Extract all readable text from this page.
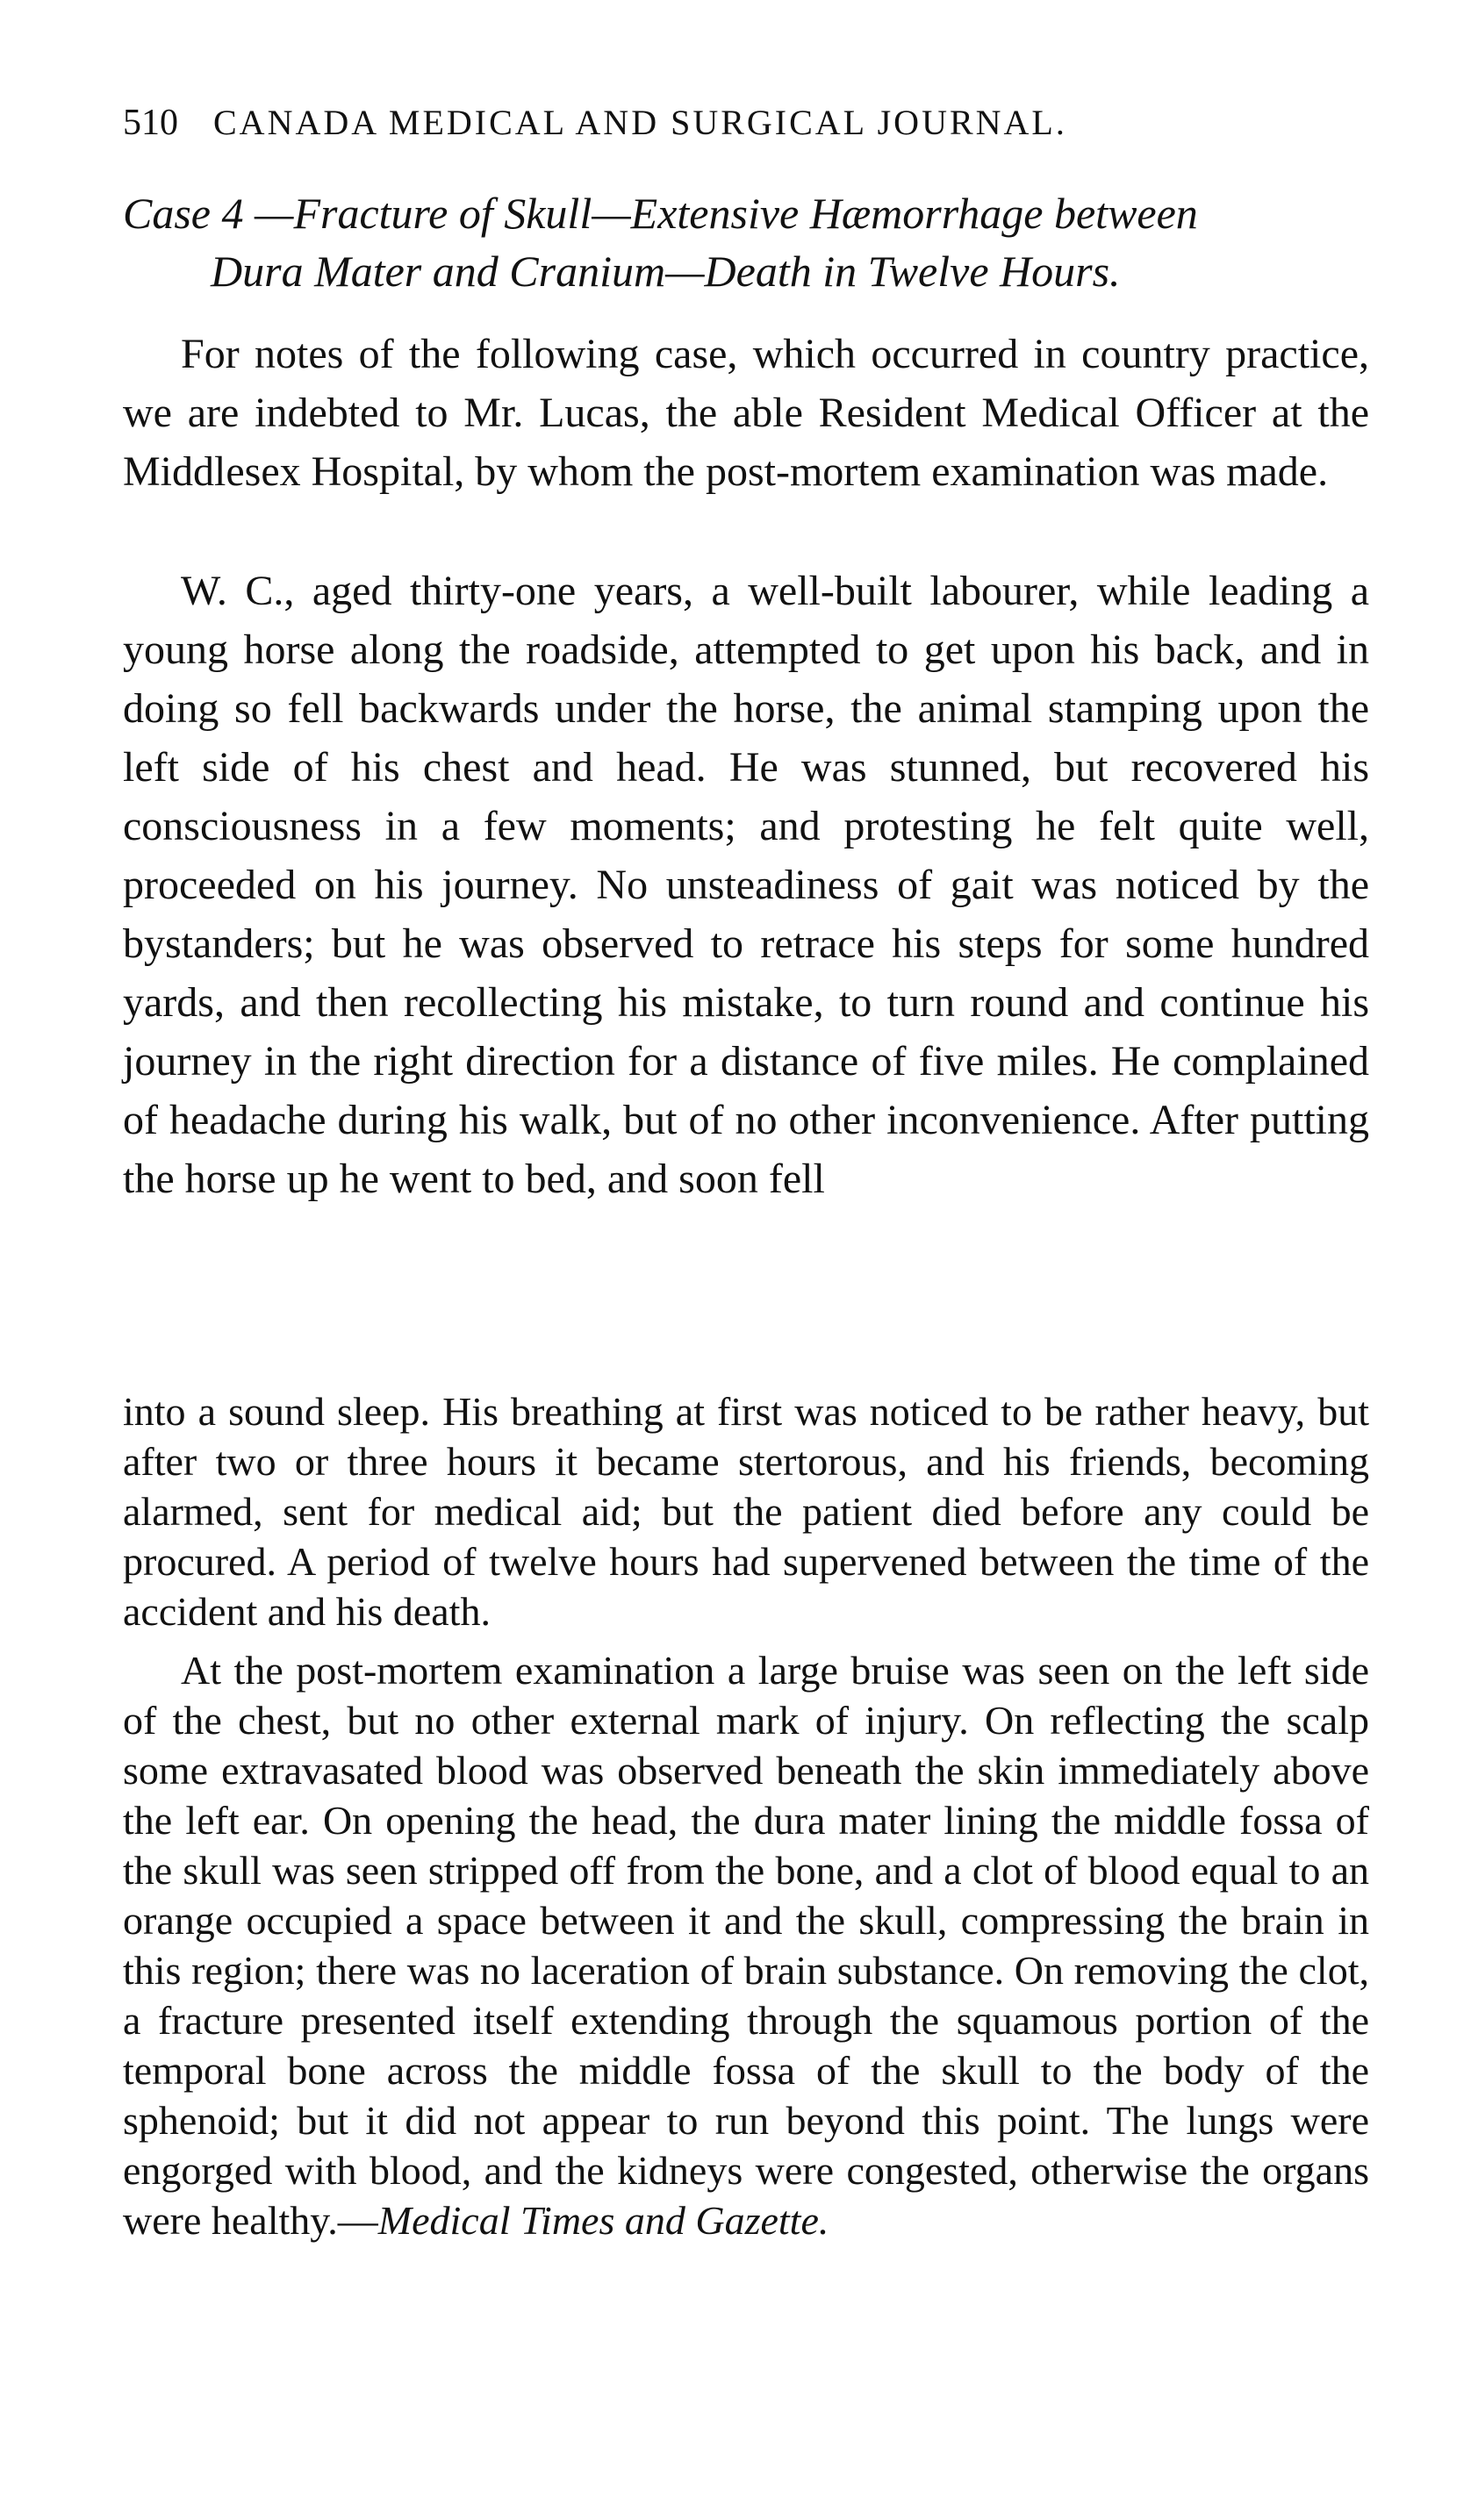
510 CANADA MEDICAL AND SURGICAL JOURNAL.
Case 4 —Fracture of Skull—Extensive Hæmorrhage between
Dura Mater and Cranium—Death in Twelve Hours.

For notes of the following case, which occurred in country practice, we are indebted to Mr. Lucas, the able Resident Medical Officer at the Middlesex Hospital, by whom the post-mortem examination was made.

W. C., aged thirty-one years, a well-built labourer, while leading a young horse along the roadside, attempted to get upon his back, and in doing so fell backwards under the horse, the animal stamping upon the left side of his chest and head. He was stunned, but recovered his consciousness in a few moments; and protesting he felt quite well, proceeded on his journey. No unsteadiness of gait was noticed by the bystanders; but he was observed to retrace his steps for some hundred yards, and then recollecting his mistake, to turn round and continue his journey in the right direction for a distance of five miles. He complained of headache during his walk, but of no other inconvenience. After putting the horse up he went to bed, and soon fell

into a sound sleep. His breathing at first was noticed to be rather heavy, but after two or three hours it became stertorous, and his friends, becoming alarmed, sent for medical aid; but the patient died before any could be procured. A period of twelve hours had supervened between the time of the accident and his death.

At the post-mortem examination a large bruise was seen on the left side of the chest, but no other external mark of injury. On reflecting the scalp some extravasated blood was observed beneath the skin immediately above the left ear. On opening the head, the dura mater lining the middle fossa of the skull was seen stripped off from the bone, and a clot of blood equal to an orange occupied a space between it and the skull, compressing the brain in this region; there was no laceration of brain substance. On removing the clot, a fracture presented itself extending through the squamous portion of the temporal bone across the middle fossa of the skull to the body of the sphenoid; but it did not appear to run beyond this point. The lungs were engorged with blood, and the kidneys were congested, otherwise the organs were healthy.—Medical Times and Gazette.
